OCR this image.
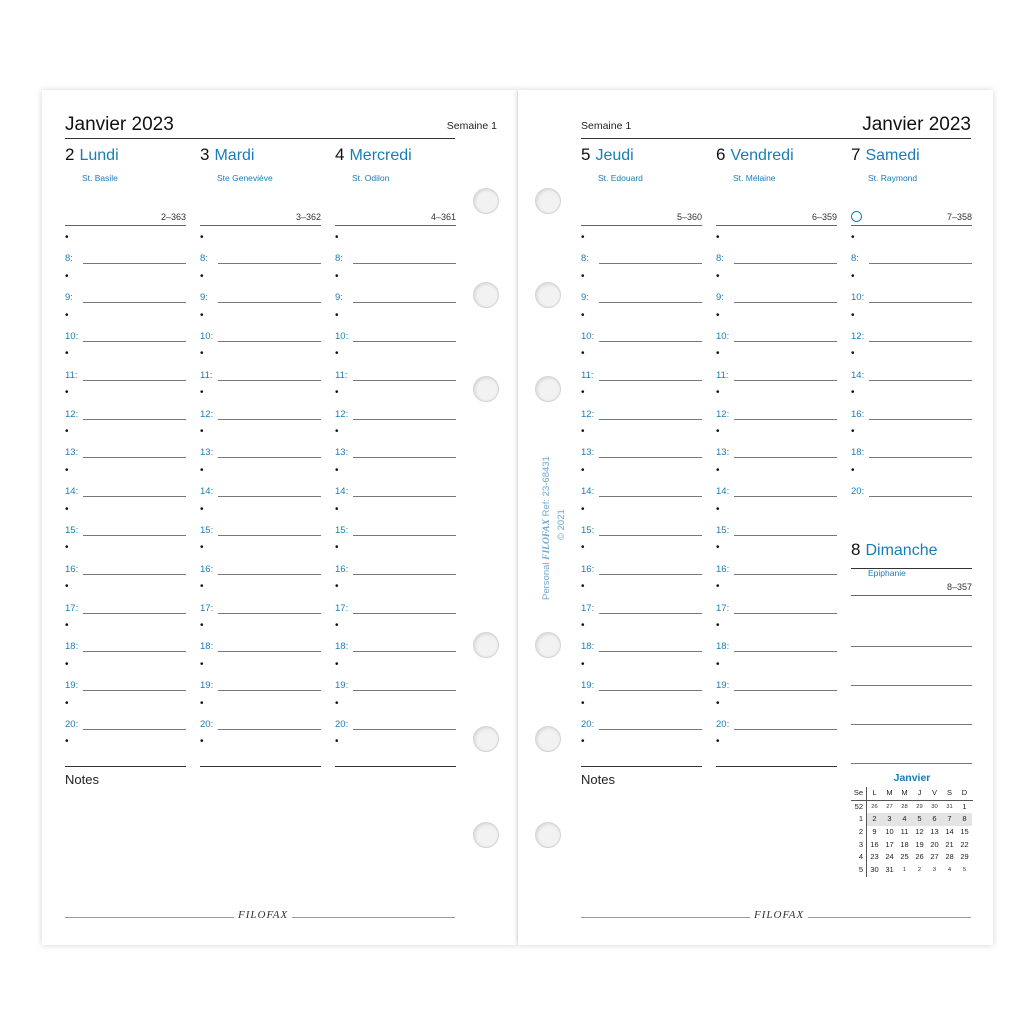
Janvier 2023	Semaine 1
2 Lundi
St. Basile
2–363
•
8:
•
9:
•
10:
•
11:
•
12:
•
13:
•
14:
•
15:
•
16:
•
17:
•
18:
•
19:
•
20:
•
3 Mardi
Ste Geneviève
3–362
•
8:
•
9:
•
10:
•
11:
•
12:
•
13:
•
14:
•
15:
•
16:
•
17:
•
18:
•
19:
•
20:
•
4 Mercredi
St. Odilon
4–361
•
8:
•
9:
•
10:
•
11:
•
12:
•
13:
•
14:
•
15:
•
16:
•
17:
•
18:
•
19:
•
20:
•
Notes
FILOFAX
Semaine 1	Janvier 2023
5 Jeudi
St. Edouard
5–360
•
8:
•
9:
•
10:
•
11:
•
12:
•
13:
•
14:
•
15:
•
16:
•
17:
•
18:
•
19:
•
20:
•
6 Vendredi
St. Mélaine
6–359
•
8:
•
9:
•
10:
•
11:
•
12:
•
13:
•
14:
•
15:
•
16:
•
17:
•
18:
•
19:
•
20:
•
7 Samedi
St. Raymond
7–358
•
8:
•
10:
•
12:
•
14:
•
16:
•
18:
•
20:
8 Dimanche
Epiphanie
8–357
Notes	Janvier
Se	L	M	M	J	V	S	D
52	26	27	28	29	30	31	1
1	2	3	4	5	6	7	8
2	9	10 11 12 13 14 15
3 16 17 18 19 20 21 22
4 23 24 25 26 27 28 29
5 30 31	1	2	3	4	5
FILOFAX
Personal FILOFAX Ref: 23-68431
© 2021
